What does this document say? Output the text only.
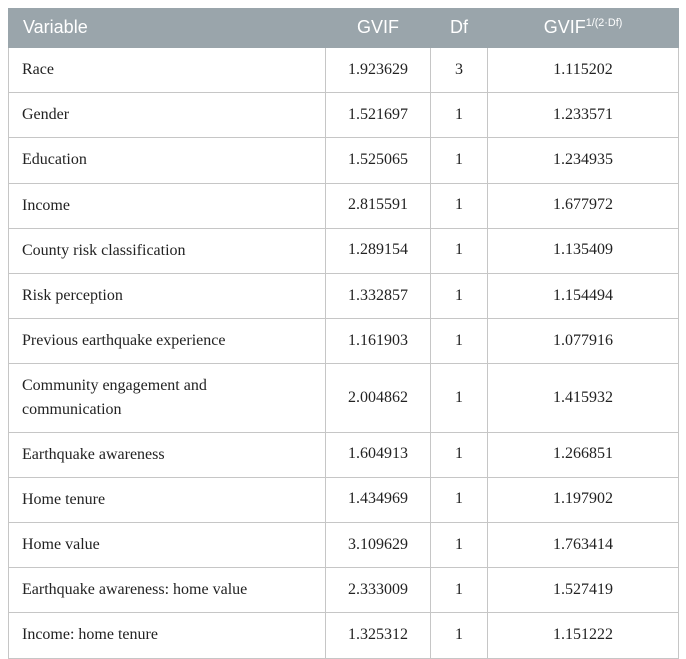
Variable	GVIF	Df	$GVIF^{1/(2\cdot Df)}$
Race	1.923629	3	1.115202
Gender	1.521697	1	1.233571
Education	1.525065	1	1.234935
Income	2.815591	1	1.677972
County risk classification	1.289154	1	1.135409
Risk perception	1.332857	1	1.154494
Previous earthquake experience	1.161903	1	1.077916
Community engagement and communication	2.004862	1	1.415932
Earthquake awareness	1.604913	1	1.266851
Home tenure	1.434969	1	1.197902
Home value	3.109629	1	1.763414
Earthquake awareness: home value	2.333009	1	1.527419
Income: home tenure	1.325312	1	1.151222
